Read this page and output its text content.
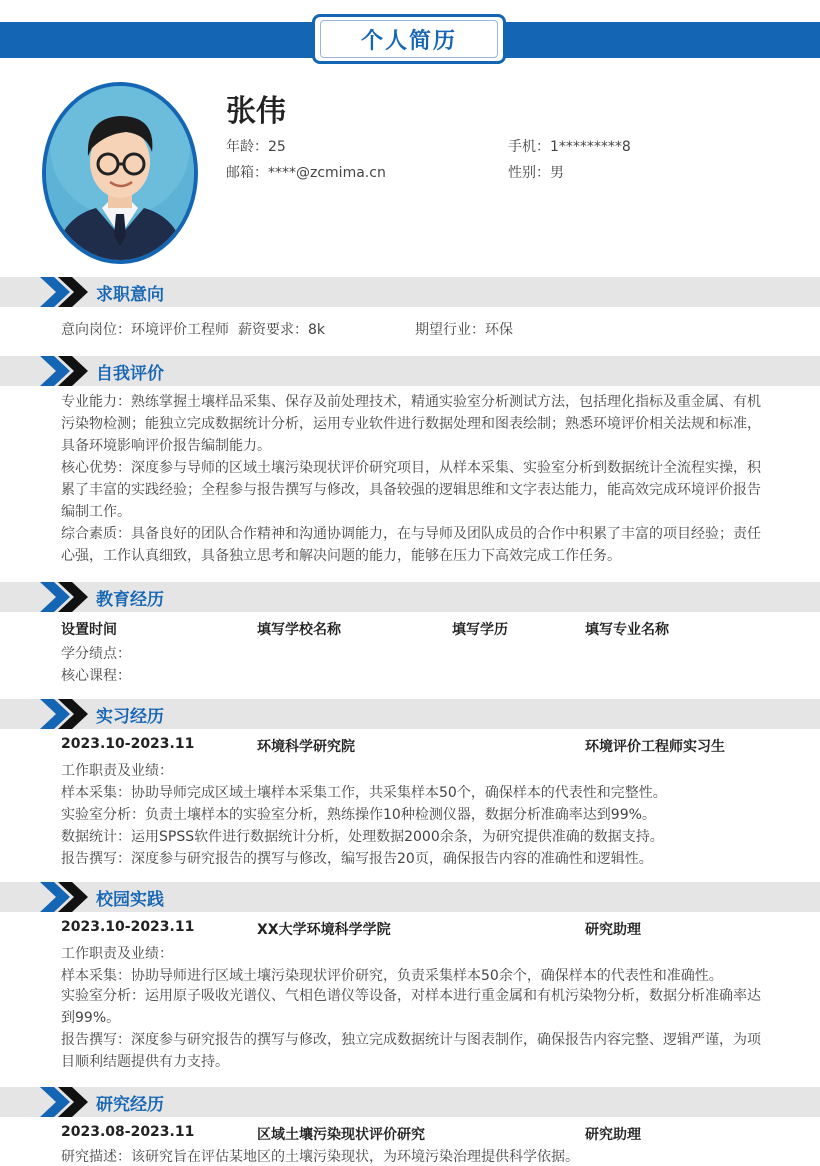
个人简历
张伟
年龄：25	手机：1*********8
邮箱：****@zcmima.cn	性别：男
求职意向
意向岗位：环境评价工程师 薪资要求：8k	期望行业：环保
自我评价
专业能力：熟练掌握土壤样品采集、保存及前处理技术，精通实验室分析测试方法，包括理化指标及重金属、有机污染物检测；能独立完成数据统计分析，运用专业软件进行数据处理和图表绘制；熟悉环境评价相关法规和标准，具备环境影响评价报告编制能力。
核心优势：深度参与导师的区域土壤污染现状评价研究项目，从样本采集、实验室分析到数据统计全流程实操，积累了丰富的实践经验；全程参与报告撰写与修改，具备较强的逻辑思维和文字表达能力，能高效完成环境评价报告编制工作。
综合素质：具备良好的团队合作精神和沟通协调能力，在与导师及团队成员的合作中积累了丰富的项目经验；责任心强，工作认真细致，具备独立思考和解决问题的能力，能够在压力下高效完成工作任务。
教育经历
设置时间	填写学校名称	填写学历	填写专业名称
学分绩点：
核心课程：
实习经历
2023.10-2023.11	环境科学研究院	环境评价工程师实习生
工作职责及业绩：
样本采集：协助导师完成区域土壤样本采集工作，共采集样本50个，确保样本的代表性和完整性。
实验室分析：负责土壤样本的实验室分析，熟练操作10种检测仪器，数据分析准确率达到99%。
数据统计：运用SPSS软件进行数据统计分析，处理数据2000余条，为研究提供准确的数据支持。
报告撰写：深度参与研究报告的撰写与修改，编写报告20页，确保报告内容的准确性和逻辑性。
校园实践
2023.10-2023.11	XX大学环境科学学院	研究助理
工作职责及业绩：
样本采集：协助导师进行区域土壤污染现状评价研究，负责采集样本50余个，确保样本的代表性和准确性。
实验室分析：运用原子吸收光谱仪、气相色谱仪等设备，对样本进行重金属和有机污染物分析，数据分析准确率达到99%。
报告撰写：深度参与研究报告的撰写与修改，独立完成数据统计与图表制作，确保报告内容完整、逻辑严谨，为项目顺利结题提供有力支持。
研究经历
2023.08-2023.11	区域土壤污染现状评价研究	研究助理
研究描述：该研究旨在评估某地区的土壤污染现状，为环境污染治理提供科学依据。
